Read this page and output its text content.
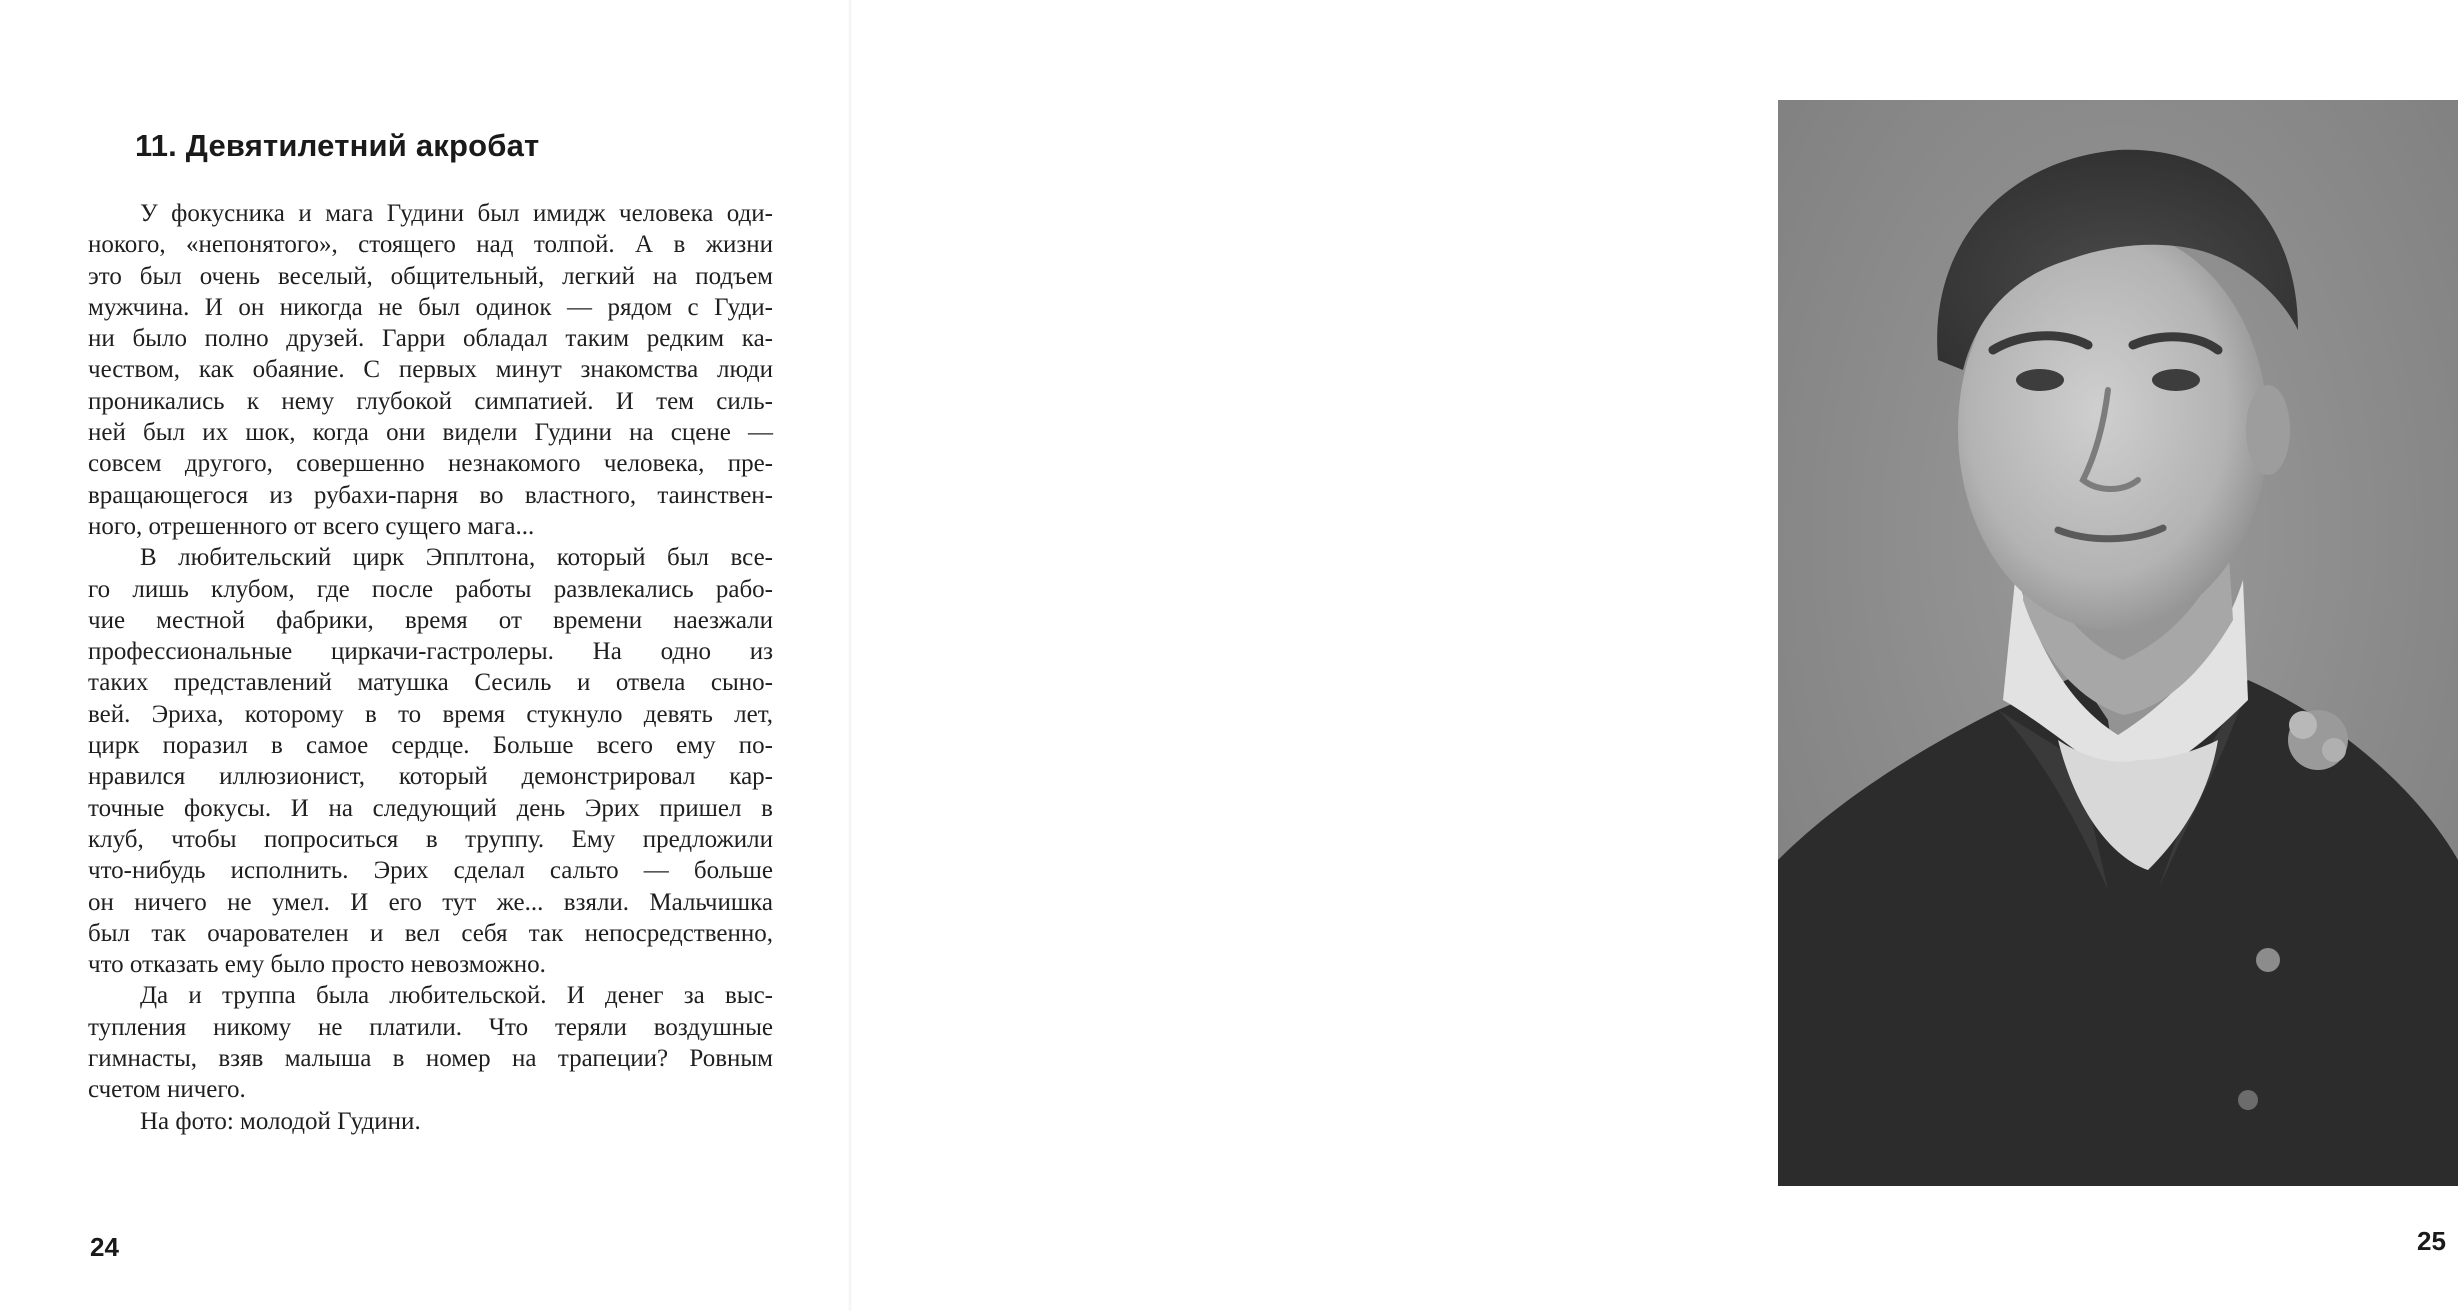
11. Девятилетний акробат
У фокусника и мага Гудини был имидж человека оди-
нокого, «непонятого», стоящего над толпой. А в жизни
это был очень веселый, общительный, легкий на подъем
мужчина. И он никогда не был одинок — рядом с Гуди-
ни было полно друзей. Гарри обладал таким редким ка-
чеством, как обаяние. С первых минут знакомства люди
проникались к нему глубокой симпатией. И тем силь-
ней был их шок, когда они видели Гудини на сцене —
совсем другого, совершенно незнакомого человека, пре-
вращающегося из рубахи-парня во властного, таинствен-
ного, отрешенного от всего сущего мага...
В любительский цирк Эпплтона, который был все-
го лишь клубом, где после работы развлекались рабо-
чие местной фабрики, время от времени наезжали
профессиональные циркачи-гастролеры. На одно из
таких представлений матушка Сесиль и отвела сыно-
вей. Эриха, которому в то время стукнуло девять лет,
цирк поразил в самое сердце. Больше всего ему по-
нравился иллюзионист, который демонстрировал кар-
точные фокусы. И на следующий день Эрих пришел в
клуб, чтобы попроситься в труппу. Ему предложили
что-нибудь исполнить. Эрих сделал сальто — больше
он ничего не умел. И его тут же... взяли. Мальчишка
был так очарователен и вел себя так непосредственно,
что отказать ему было просто невозможно.
Да и труппа была любительской. И денег за выс-
тупления никому не платили. Что теряли воздушные
гимнасты, взяв малыша в номер на трапеции? Ровным
счетом ничего.
На фото: молодой Гудини.

24	25
